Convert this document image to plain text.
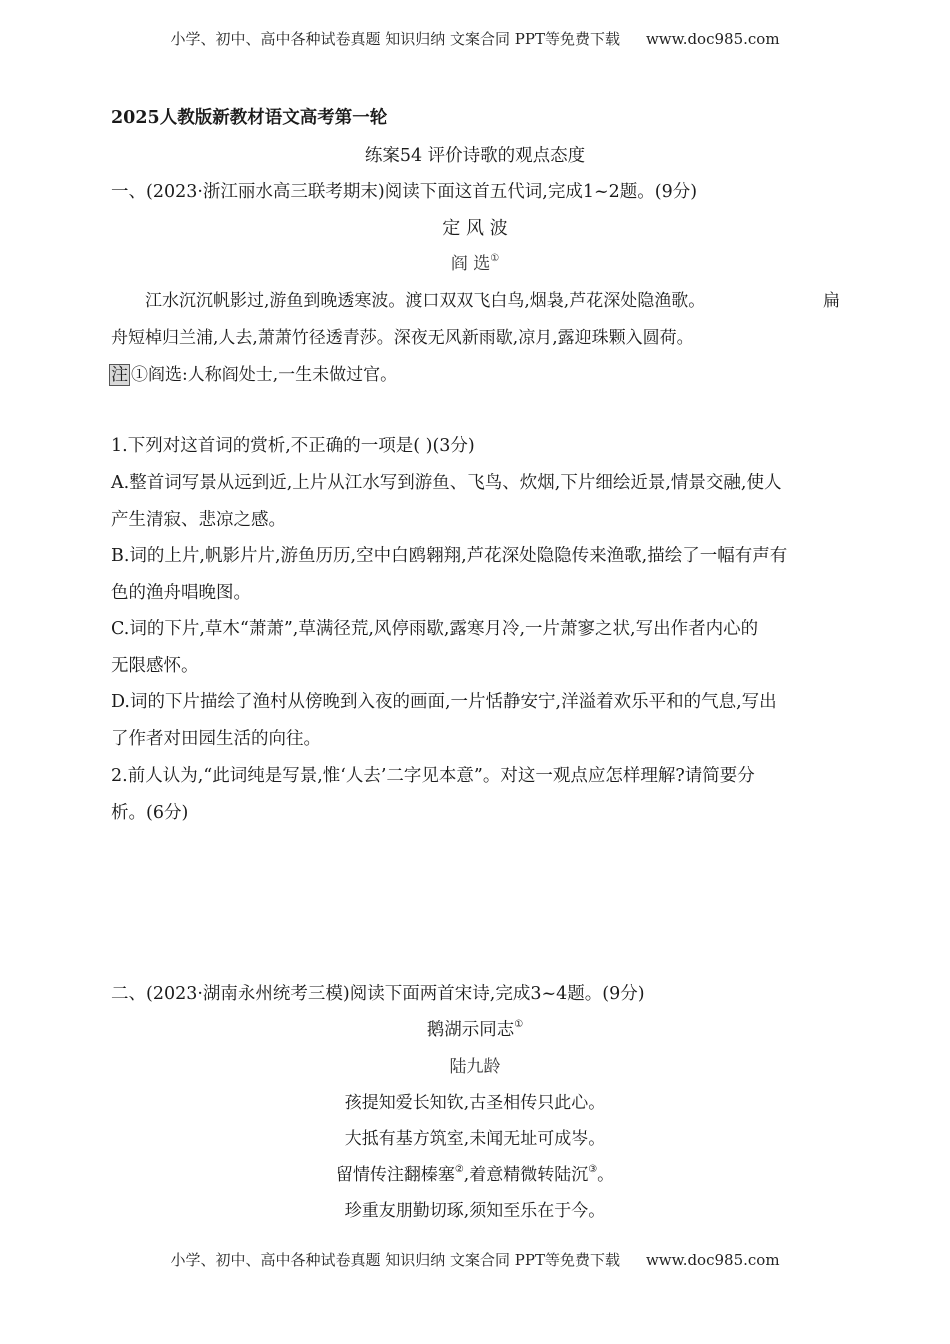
小学、初中、高中各种试卷真题 知识归纳 文案合同 PPT等免费下载 www.doc985.com
2025人教版新教材语文高考第一轮
练案54 评价诗歌的观点态度
一、(2023·浙江丽水高三联考期末)阅读下面这首五代词,完成1~2题。(9分)
定 风 波
阎 选①
江水沉沉帆影过,游鱼到晚透寒波。渡口双双飞白鸟,烟袅,芦花深处隐渔歌。	扁
舟短棹归兰浦,人去,萧萧竹径透青莎。深夜无风新雨歇,凉月,露迎珠颗入圆荷。
注 ①阎选:人称阎处士,一生未做过官。
1.下列对这首词的赏析,不正确的一项是( )(3分)
A.整首词写景从远到近,上片从江水写到游鱼、飞鸟、炊烟,下片细绘近景,情景交融,使人
产生清寂、悲凉之感。
B.词的上片,帆影片片,游鱼历历,空中白鸥翱翔,芦花深处隐隐传来渔歌,描绘了一幅有声有
色的渔舟唱晚图。
C.词的下片,草木“萧萧”,草满径荒,风停雨歇,露寒月冷,一片萧寥之状,写出作者内心的
无限感怀。
D.词的下片描绘了渔村从傍晚到入夜的画面,一片恬静安宁,洋溢着欢乐平和的气息,写出
了作者对田园生活的向往。
2.前人认为,“此词纯是写景,惟‘人去’二字见本意”。对这一观点应怎样理解?请简要分
析。(6分)
二、(2023·湖南永州统考三模)阅读下面两首宋诗,完成3~4题。(9分)
鹅湖示同志①
陆九龄
孩提知爱长知钦,古圣相传只此心。
大抵有基方筑室,未闻无址可成岑。
留情传注翻榛塞②,着意精微转陆沉③。
珍重友朋勤切琢,须知至乐在于今。
小学、初中、高中各种试卷真题 知识归纳 文案合同 PPT等免费下载 www.doc985.com
